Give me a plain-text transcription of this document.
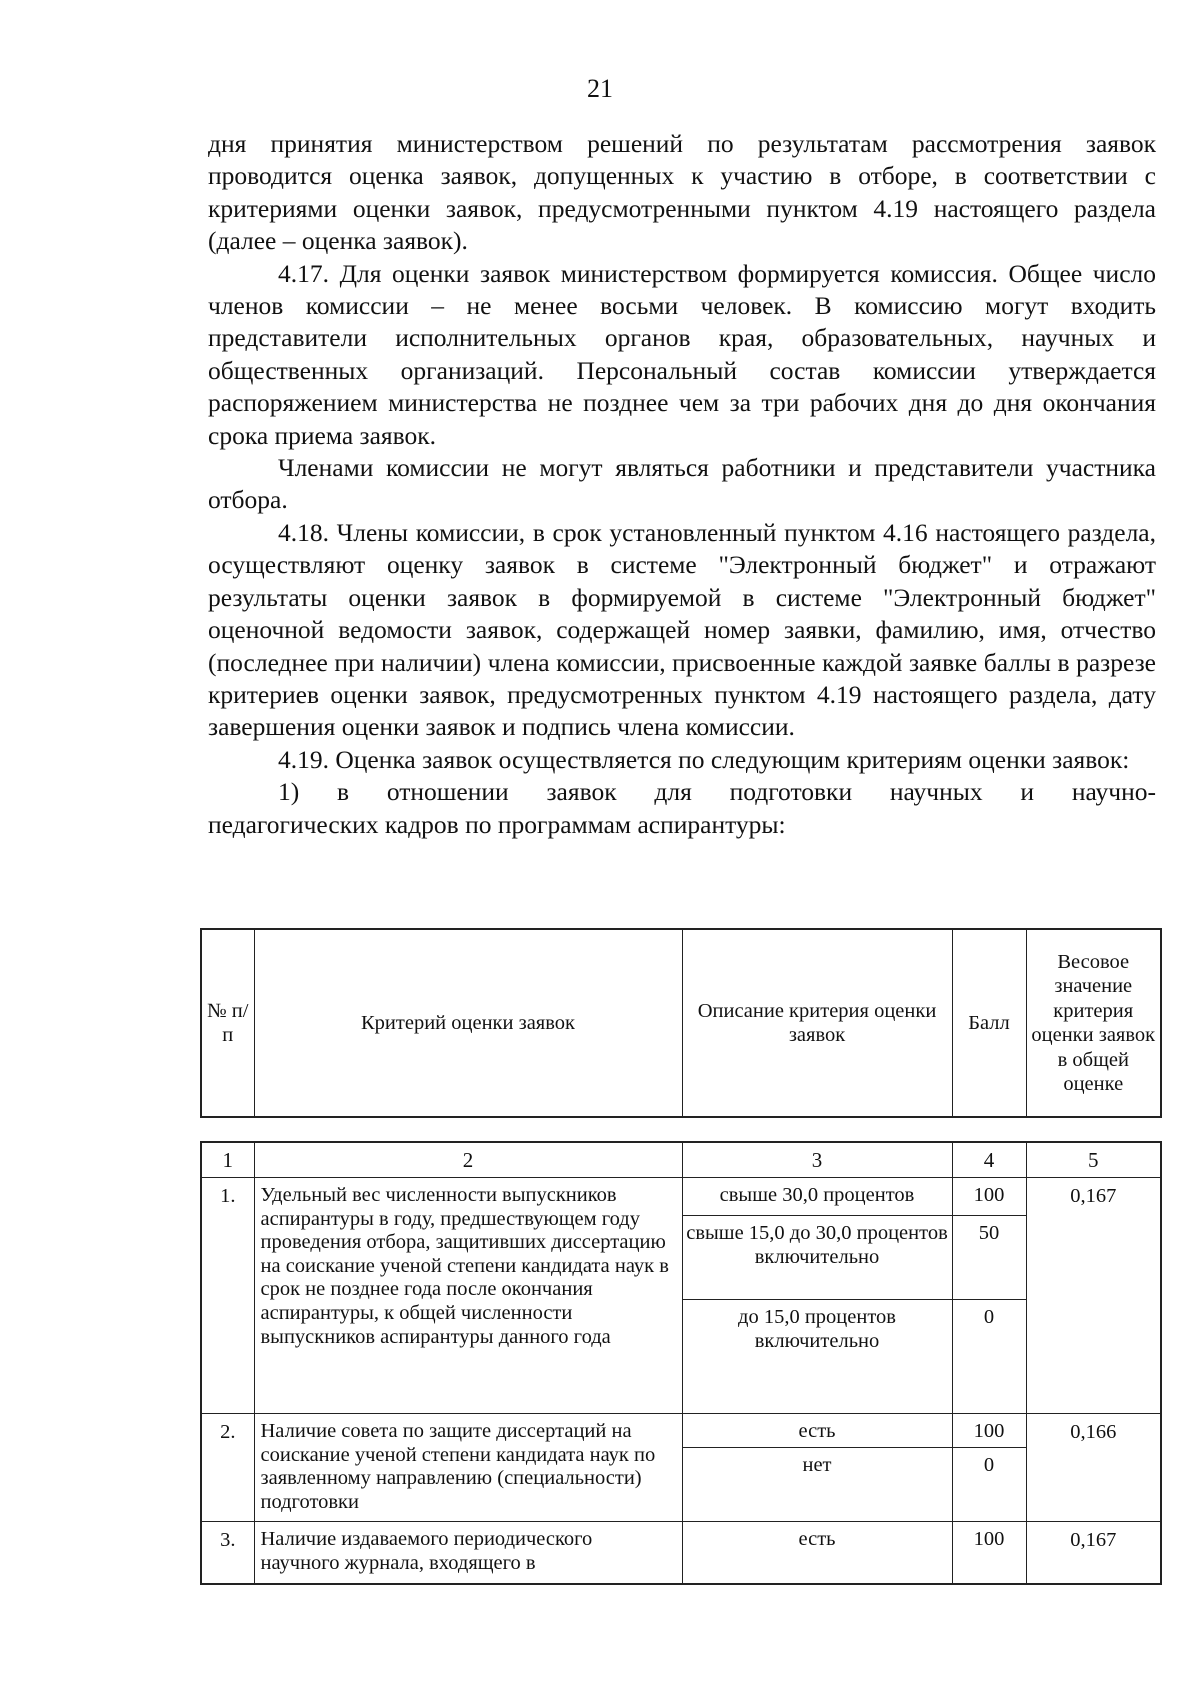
21

дня принятия министерством решений по результатам рассмотрения заявок проводится оценка заявок, допущенных к участию в отборе, в соответствии с критериями оценки заявок, предусмотренными пунктом 4.19 настоящего раздела (далее – оценка заявок).

4.17. Для оценки заявок министерством формируется комиссия. Общее число членов комиссии – не менее восьми человек. В комиссию могут входить представители исполнительных органов края, образовательных, научных и общественных организаций. Персональный состав комиссии утверждается распоряжением министерства не позднее чем за три рабочих дня до дня окончания срока приема заявок.

Членами комиссии не могут являться работники и представители участника отбора.

4.18. Члены комиссии, в срок установленный пунктом 4.16 настоящего раздела, осуществляют оценку заявок в системе "Электронный бюджет" и отражают результаты оценки заявок в формируемой в системе "Электронный бюджет" оценочной ведомости заявок, содержащей номер заявки, фамилию, имя, отчество (последнее при наличии) члена комиссии, присвоенные каждой заявке баллы в разрезе критериев оценки заявок, предусмотренных пунктом 4.19 настоящего раздела, дату завершения оценки заявок и подпись члена комиссии.

4.19. Оценка заявок осуществляется по следующим критериям оценки заявок:

1) в отношении заявок для подготовки научных и научно-

педагогических кадров по программам аспирантуры:

№ п/п	Критерий оценки заявок	Описание критерия оценки заявок	Балл	Весовое значение критерия оценки заявок в общей оценке
1	2	3	4	5
1.	Удельный вес численности выпускников аспирантуры в году, предшествующем году проведения отбора, защитивших диссертацию на соискание ученой степени кандидата наук в срок не позднее года после окончания аспирантуры, к общей численности выпускников аспирантуры данного года	свыше 30,0 процентов	100	0,167
		свыше 15,0 до 30,0 процентов включительно	50	
		до 15,0 процентов включительно	0	
2.	Наличие совета по защите диссертаций на соискание ученой степени кандидата наук по заявленному направлению (специальности) подготовки	есть	100	0,166
		нет	0	
3.	Наличие издаваемого периодического научного журнала, входящего в	есть	100	0,167
